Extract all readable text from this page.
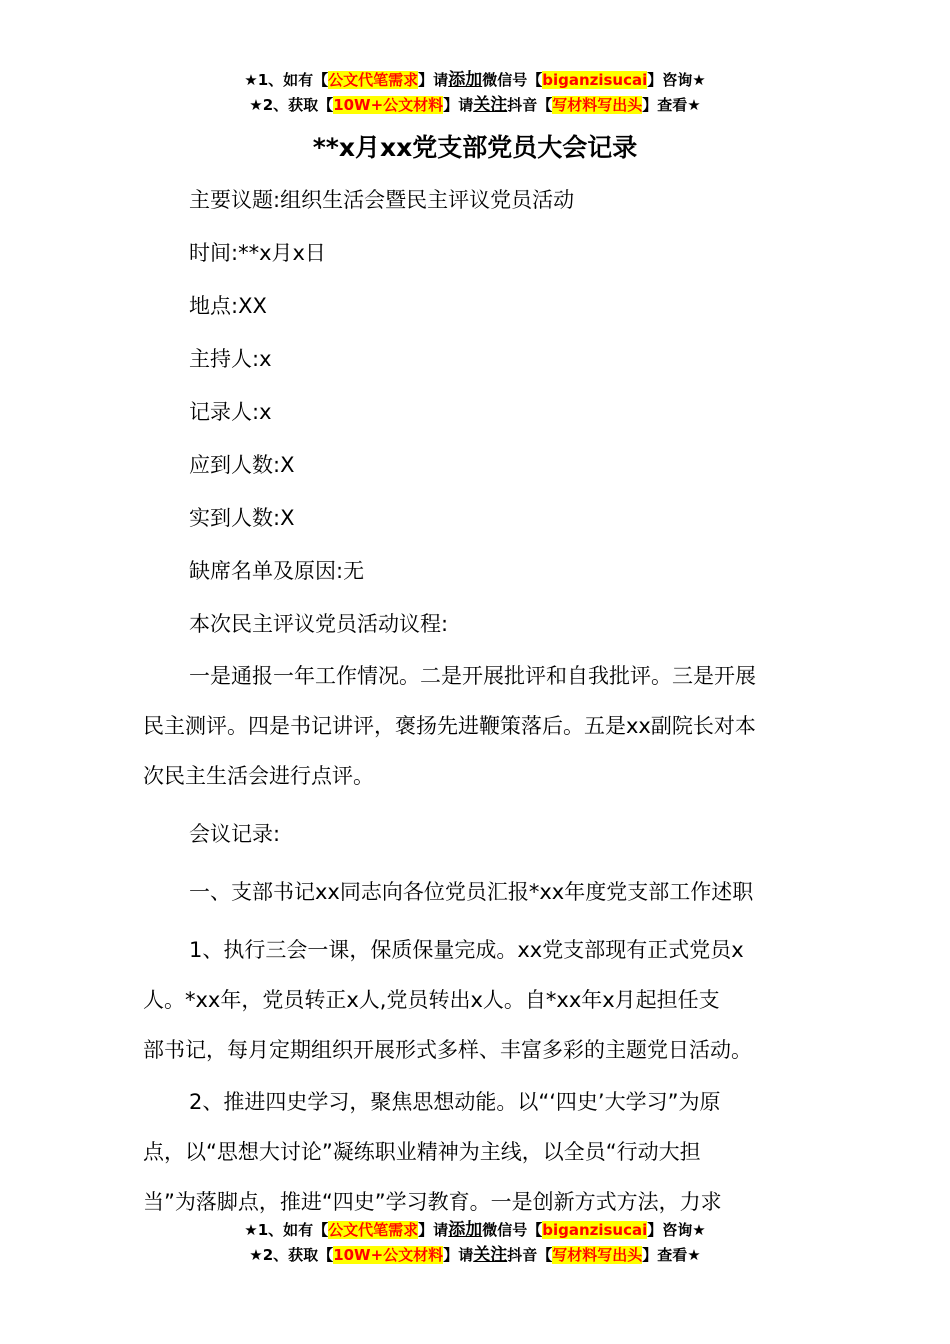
★1、如有【公文代笔需求】请添加微信号【biganzisucai】咨询★
★2、获取【10W+公文材料】请关注抖音【写材料写出头】查看★
**x月xx党支部党员大会记录

主要议题:组织生活会暨民主评议党员活动

时间:**x月x日

地点:XX

主持人:x

记录人:x

应到人数:X

实到人数:X

缺席名单及原因:无

本次民主评议党员活动议程:

一是通报一年工作情况。二是开展批评和自我批评。三是开展
民主测评。四是书记讲评，褒扬先进鞭策落后。五是xx副院长对本
次民主生活会进行点评。
会议记录:
一、支部书记xx同志向各位党员汇报*xx年度党支部工作述职
1、执行三会一课，保质保量完成。xx党支部现有正式党员x
人。*xx年，党员转正x人,党员转出x人。自*xx年x月起担任支
部书记，每月定期组织开展形式多样、丰富多彩的主题党日活动。
2、推进四史学习，聚焦思想动能。以“‘四史’大学习”为原
点，以“思想大讨论”凝练职业精神为主线，以全员“行动大担
当”为落脚点，推进“四史”学习教育。一是创新方式方法，力求
★1、如有【公文代笔需求】请添加微信号【biganzisucai】咨询★
★2、获取【10W+公文材料】请关注抖音【写材料写出头】查看★
